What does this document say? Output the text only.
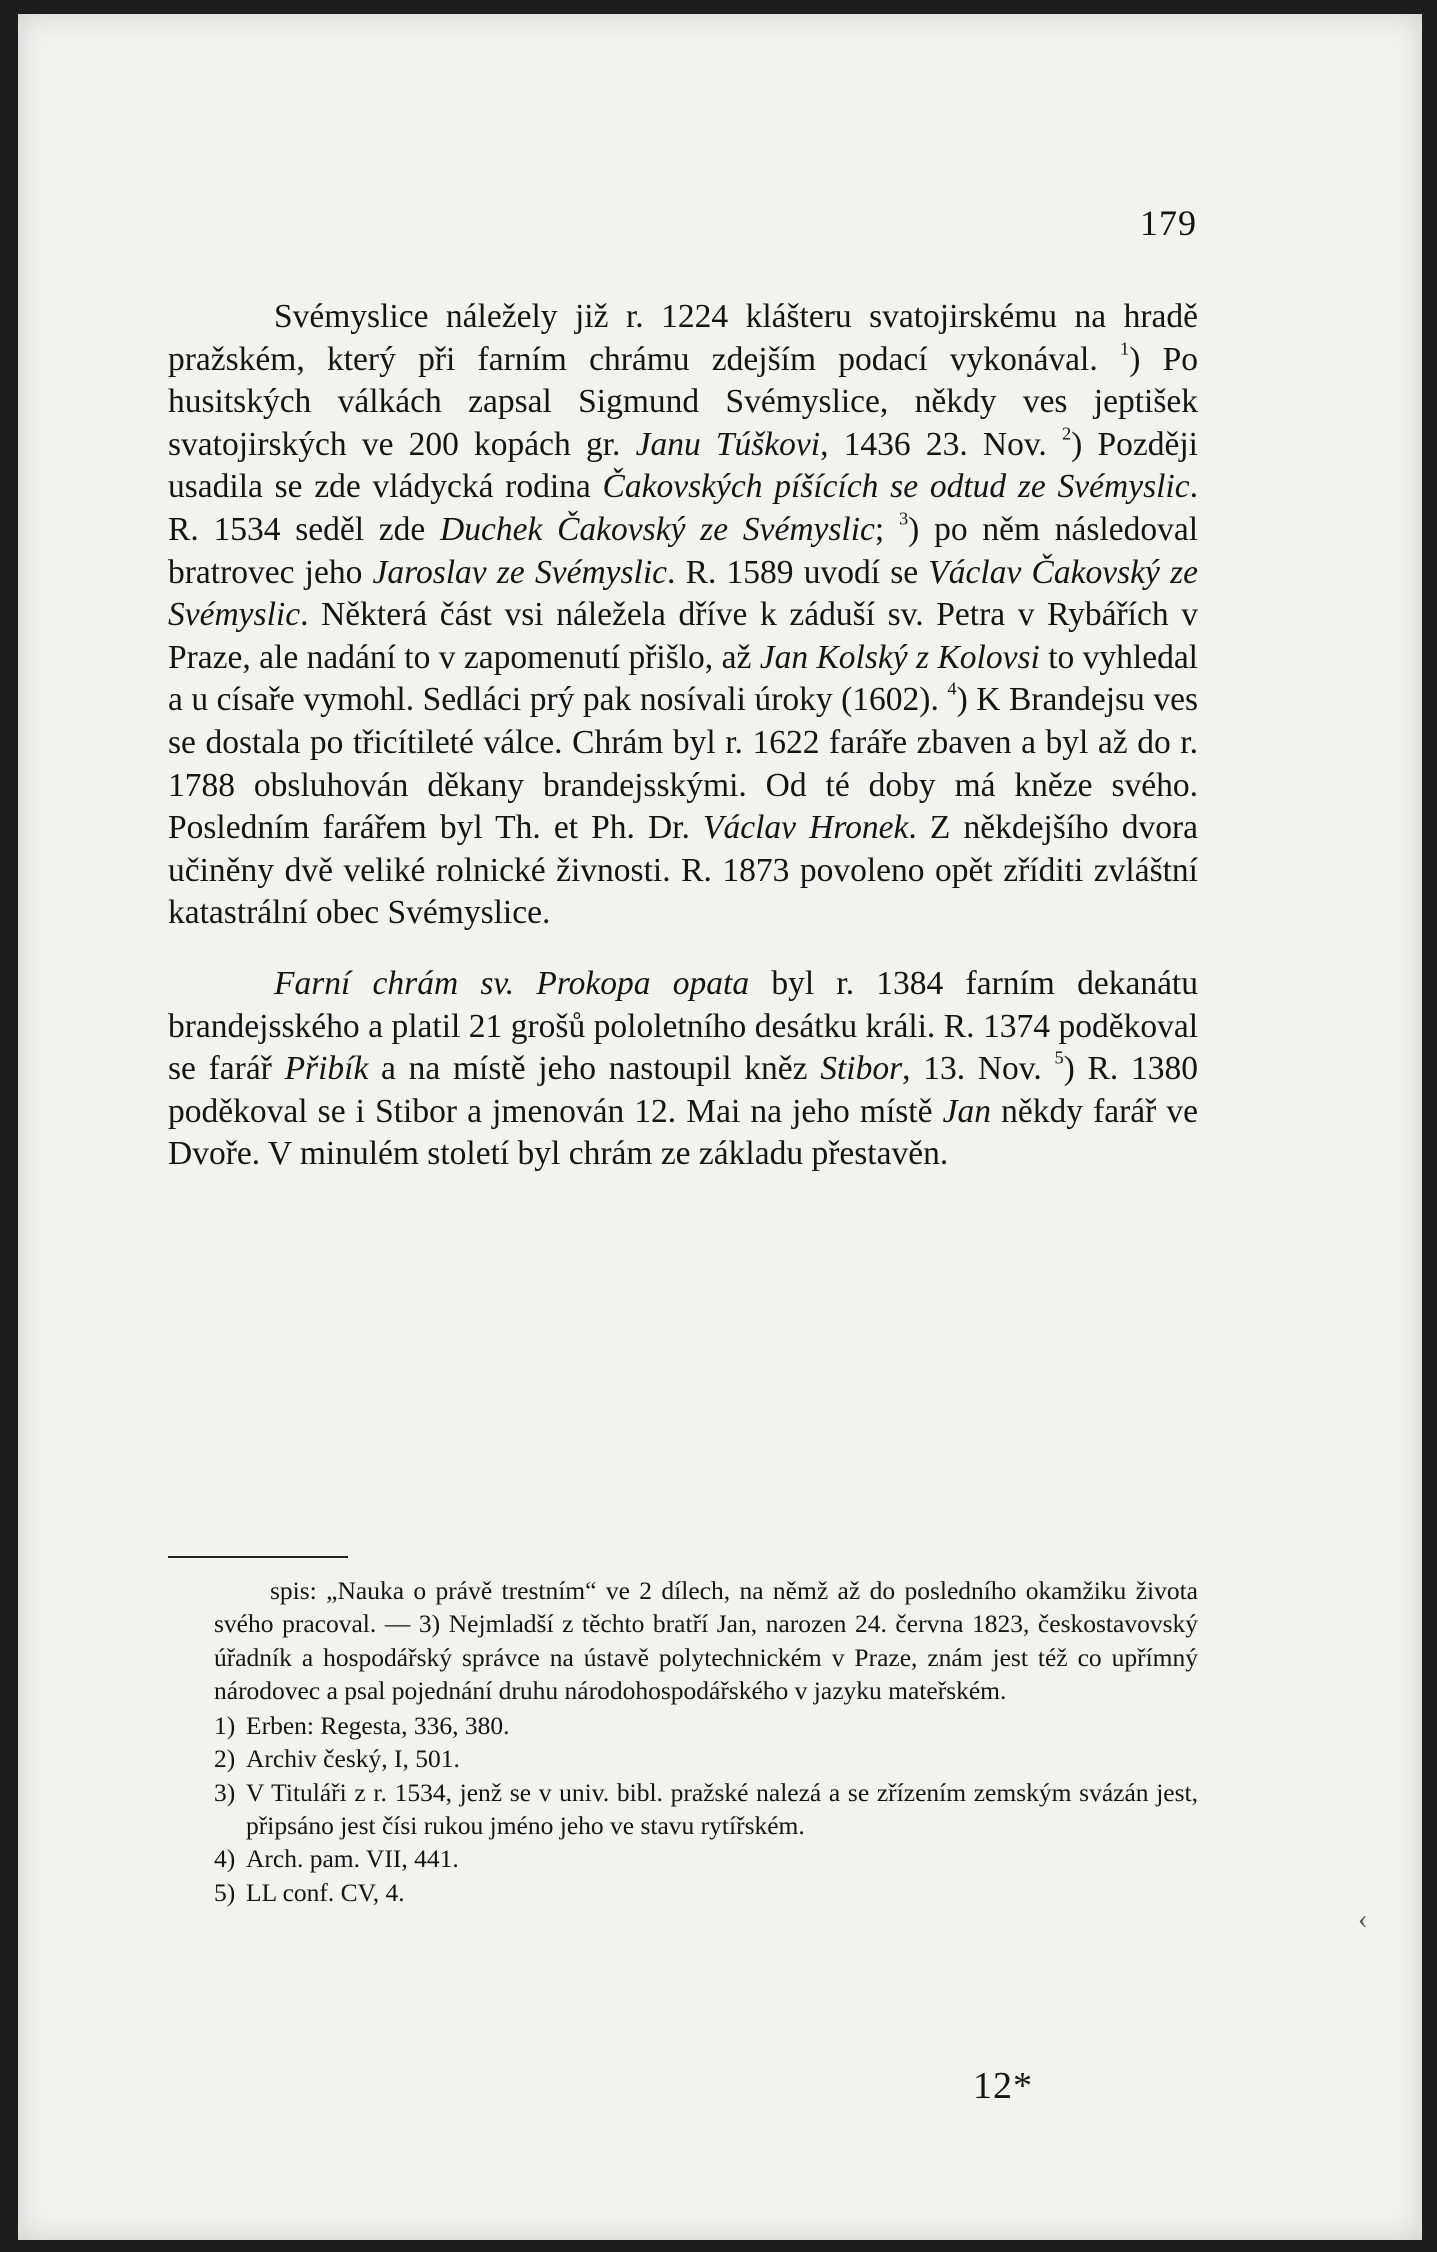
179

Svémyslice náležely již r. 1224 klášteru svatojirskému na hradě pražském, který při farním chrámu zdejším podací vykonával. $^1$) Po husitských válkách zapsal Sigmund Svémyslice, někdy ves jeptišek svatojirských ve 200 kopách gr. Janu Túškovi, 1436 23. Nov. $^2$) Později usadila se zde vládycká rodina Čakovských píšících se odtud ze Svémyslic. R. 1534 seděl zde Duchek Čakovský ze Svémyslic; $^3$) po něm následoval bratrovec jeho Jaroslav ze Svémyslic. R. 1589 uvodí se Václav Čakovský ze Svémyslic. Některá část vsi náležela dříve k záduší sv. Petra v Rybářích v Praze, ale nadání to v zapomenutí přišlo, až Jan Kolský z Kolovsi to vyhledal a u císaře vymohl. Sedláci prý pak nosívali úroky (1602). $^4$) K Brandejsu ves se dostala po třicítileté válce. Chrám byl r. 1622 faráře zbaven a byl až do r. 1788 obsluhován děkany brandejsskými. Od té doby má kněze svého. Posledním farářem byl Th. et Ph. Dr. Václav Hronek. Z někdejšího dvora učiněny dvě veliké rolnické živnosti. R. 1873 povoleno opět zříditi zvláštní katastrální obec Svémyslice.

Farní chrám sv. Prokopa opata byl r. 1384 farním dekanátu brandejsského a platil 21 grošů pololetního desátku králi. R. 1374 poděkoval se farář Přibík a na místě jeho nastoupil kněz Stibor, 13. Nov. $^5$) R. 1380 poděkoval se i Stibor a jmenován 12. Mai na jeho místě Jan někdy farář ve Dvoře. V minulém století byl chrám ze základu přestavěn.

spis: „Nauka o právě trestním“ ve 2 dílech, na němž až do posledního okamžiku života svého pracoval. — 3) Nejmladší z těchto bratří Jan, narozen 24. června 1823, českostavovský úřadník a hospodářský správce na ústavě polytechnickém v Praze, znám jest též co upřímný národovec a psal pojednání druhu národohospodářského v jazyku mateřském.

1) Erben: Regesta, 336, 380.
2) Archiv český, I, 501.
3) V Tituláři z r. 1534, jenž se v univ. bibl. pražské nalezá a se zřízením zemským svázán jest, připsáno jest čísi rukou jméno jeho ve stavu rytířském.
4) Arch. pam. VII, 441.
5) LL conf. CV, 4.
12*
‹
